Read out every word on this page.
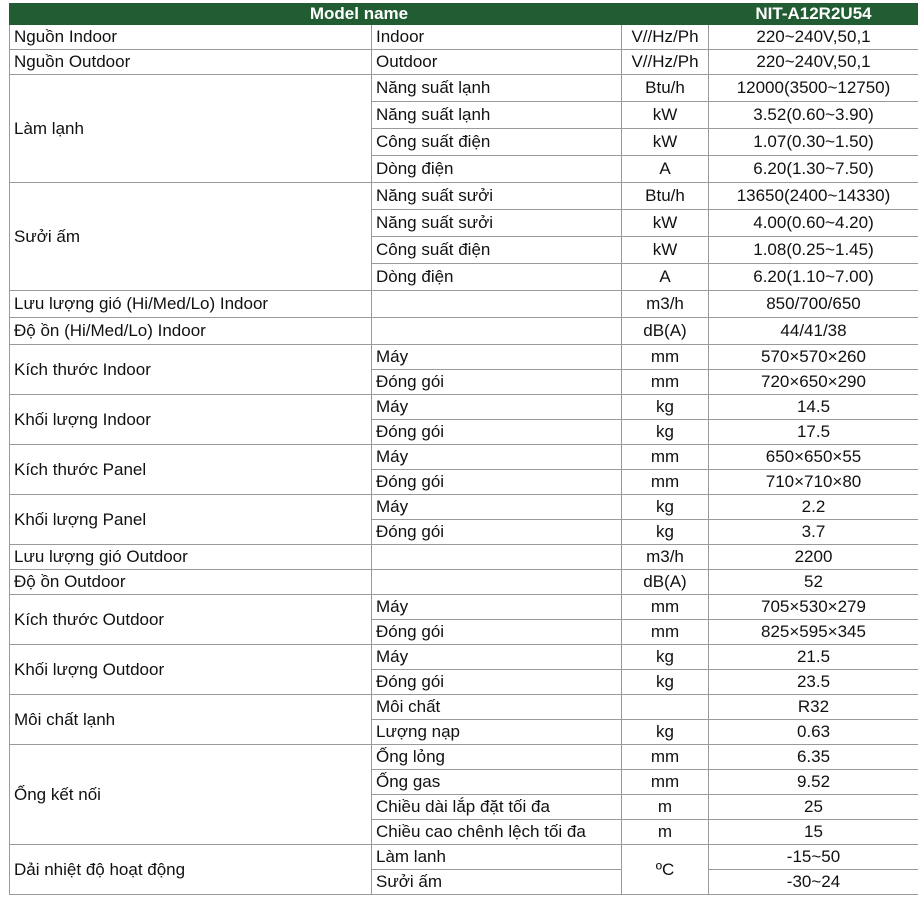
Model name			NIT-A12R2U54
Nguồn Indoor	Indoor	V//Hz/Ph	220~240V,50,1
Nguồn Outdoor	Outdoor	V//Hz/Ph	220~240V,50,1
Làm lạnh	Năng suất lạnh	Btu/h	12000(3500~12750)
	Năng suất lạnh	kW	3.52(0.60~3.90)
	Công suất điện	kW	1.07(0.30~1.50)
	Dòng điện	A	6.20(1.30~7.50)
Sưởi ấm	Năng suất sưởi	Btu/h	13650(2400~14330)
	Năng suất sưởi	kW	4.00(0.60~4.20)
	Công suất điện	kW	1.08(0.25~1.45)
	Dòng điện	A	6.20(1.10~7.00)
Lưu lượng gió (Hi/Med/Lo) Indoor		m3/h	850/700/650
Độ ồn (Hi/Med/Lo) Indoor		dB(A)	44/41/38
Kích thước Indoor	Máy	mm	570×570×260
	Đóng gói	mm	720×650×290
Khối lượng Indoor	Máy	kg	14.5
	Đóng gói	kg	17.5
Kích thước Panel	Máy	mm	650×650×55
	Đóng gói	mm	710×710×80
Khối lượng Panel	Máy	kg	2.2
	Đóng gói	kg	3.7
Lưu lượng gió Outdoor		m3/h	2200
Độ ồn Outdoor		dB(A)	52
Kích thước Outdoor	Máy	mm	705×530×279
	Đóng gói	mm	825×595×345
Khối lượng Outdoor	Máy	kg	21.5
	Đóng gói	kg	23.5
Môi chất lạnh	Môi chất		R32
	Lượng nạp	kg	0.63
Ống kết nối	Ống lỏng	mm	6.35
	Ống gas	mm	9.52
	Chiều dài lắp đặt tối đa	m	25
	Chiều cao chênh lệch tối đa	m	15
Dải nhiệt độ hoạt động	Làm lanh	ºC	-15~50
	Sưởi ấm		-30~24
